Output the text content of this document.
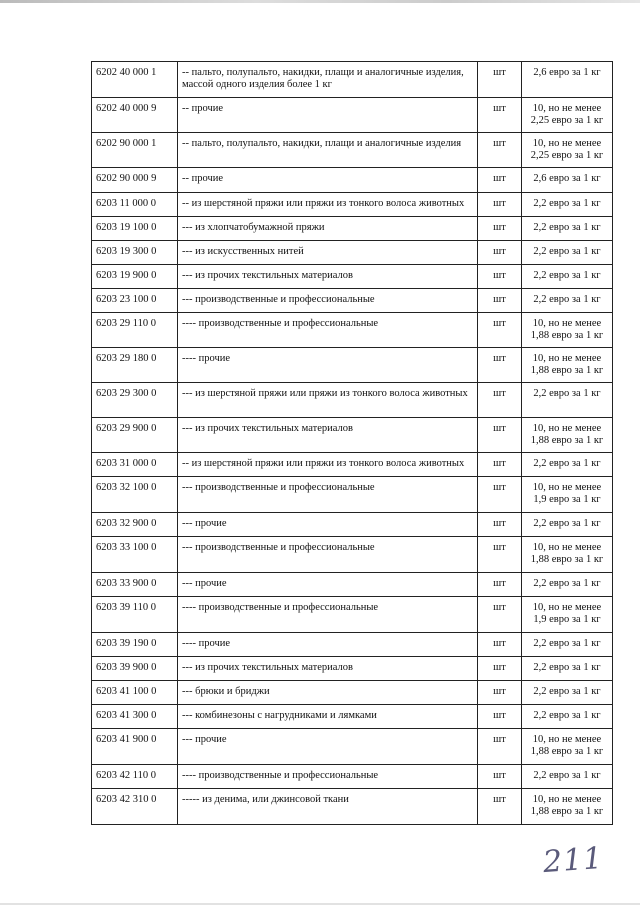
6202 40 000 1	-- пальто, полупальто, накидки, плащи и аналогичные изделия, массой одного изделия более 1 кг	шт	2,6 евро за 1 кг

6202 40 000 9	-- прочие	шт	10, но не менее
2,25 евро за 1 кг

6202 90 000 1	-- пальто, полупальто, накидки, плащи и аналогичные изделия	шт	10, но не менее
2,25 евро за 1 кг

6202 90 000 9	-- прочие	шт	2,6 евро за 1 кг

6203 11 000 0	-- из шерстяной пряжи или пряжи из тонкого волоса животных	шт	2,2 евро за 1 кг

6203 19 100 0	--- из хлопчатобумажной пряжи	шт	2,2 евро за 1 кг

6203 19 300 0	--- из искусственных нитей	шт	2,2 евро за 1 кг

6203 19 900 0	--- из прочих текстильных материалов	шт	2,2 евро за 1 кг

6203 23 100 0	--- производственные и профессиональные	шт	2,2 евро за 1 кг

6203 29 110 0	---- производственные и профессиональные	шт	10, но не менее
1,88 евро за 1 кг

6203 29 180 0	---- прочие	шт	10, но не менее
1,88 евро за 1 кг

6203 29 300 0	--- из шерстяной пряжи или пряжи из тонкого волоса животных	шт	2,2 евро за 1 кг

6203 29 900 0	--- из прочих текстильных материалов	шт	10, но не менее
1,88 евро за 1 кг

6203 31 000 0	-- из шерстяной пряжи или пряжи из тонкого волоса животных	шт	2,2 евро за 1 кг

6203 32 100 0	--- производственные и профессиональные	шт	10, но не менее
1,9 евро за 1 кг

6203 32 900 0	--- прочие	шт	2,2 евро за 1 кг

6203 33 100 0	--- производственные и профессиональные	шт	10, но не менее
1,88 евро за 1 кг

6203 33 900 0	--- прочие	шт	2,2 евро за 1 кг

6203 39 110 0	---- производственные и профессиональные	шт	10, но не менее
1,9 евро за 1 кг

6203 39 190 0	---- прочие	шт	2,2 евро за 1 кг

6203 39 900 0	--- из прочих текстильных материалов	шт	2,2 евро за 1 кг

6203 41 100 0	--- брюки и бриджи	шт	2,2 евро за 1 кг

6203 41 300 0	--- комбинезоны с нагрудниками и лямками	шт	2,2 евро за 1 кг

6203 41 900 0	--- прочие	шт	10, но не менее
1,88 евро за 1 кг

6203 42 110 0	---- производственные и профессиональные	шт	2,2 евро за 1 кг

6203 42 310 0	----- из денима, или джинсовой ткани	шт	10, но не менее
1,88 евро за 1 кг
211
